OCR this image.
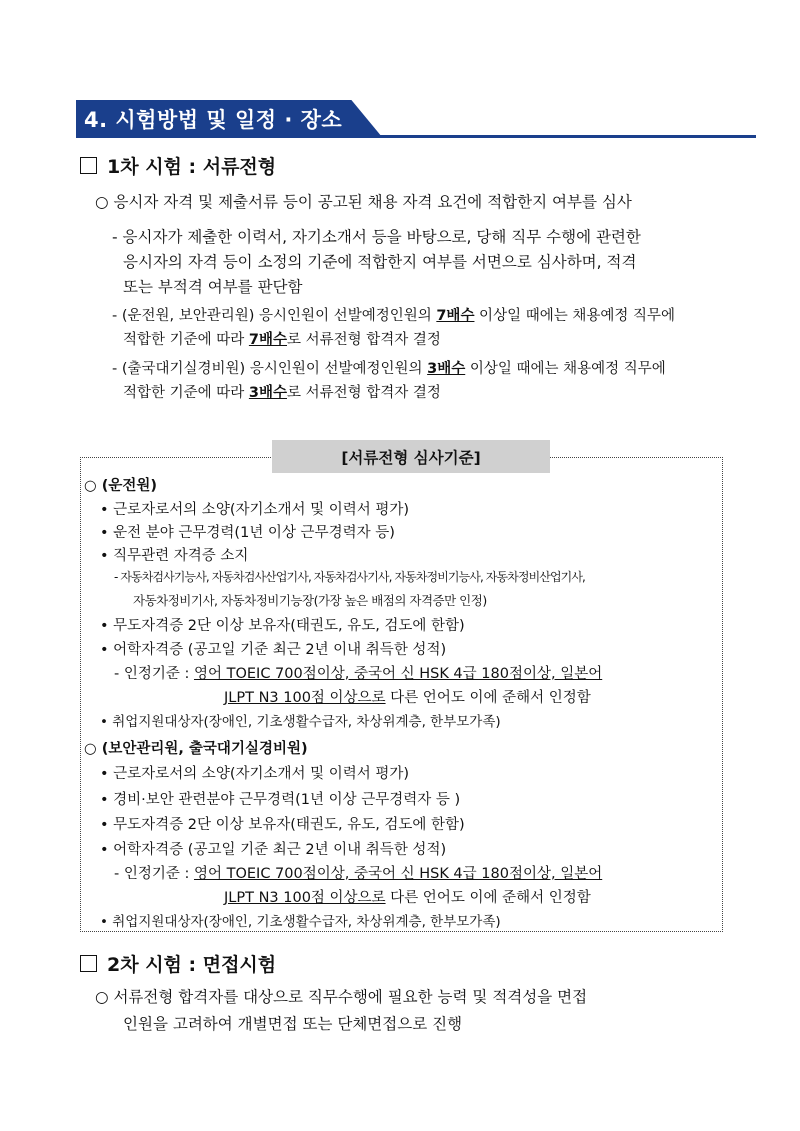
4. 시험방법 및 일정 · 장소
1차 시험 : 서류전형
○ 응시자 자격 및 제출서류 등이 공고된 채용 자격 요건에 적합한지 여부를 심사
- 응시자가 제출한 이력서, 자기소개서 등을 바탕으로, 당해 직무 수행에 관련한
응시자의 자격 등이 소정의 기준에 적합한지 여부를 서면으로 심사하며, 적격
또는 부적격 여부를 판단함
- (운전원, 보안관리원) 응시인원이 선발예정인원의 7배수 이상일 때에는 채용예정 직무에
적합한 기준에 따라 7배수로 서류전형 합격자 결정
- (출국대기실경비원) 응시인원이 선발예정인원의 3배수 이상일 때에는 채용예정 직무에
적합한 기준에 따라 3배수로 서류전형 합격자 결정
[서류전형 심사기준]
○ (운전원)
• 근로자로서의 소양(자기소개서 및 이력서 평가)
• 운전 분야 근무경력(1년 이상 근무경력자 등)
• 직무관련 자격증 소지
- 자동차검사기능사, 자동차검사산업기사, 자동차검사기사, 자동차정비기능사, 자동차정비산업기사,
자동차정비기사, 자동차정비기능장(가장 높은 배점의 자격증만 인정)
• 무도자격증 2단 이상 보유자(태권도, 유도, 검도에 한함)
• 어학자격증 (공고일 기준 최근 2년 이내 취득한 성적)
- 인정기준 : 영어 TOEIC 700점이상, 중국어 신 HSK 4급 180점이상, 일본어
JLPT N3 100점 이상으로 다른 언어도 이에 준해서 인정함
• 취업지원대상자(장애인, 기초생활수급자, 차상위계층, 한부모가족)
○ (보안관리원, 출국대기실경비원)
• 근로자로서의 소양(자기소개서 및 이력서 평가)
• 경비·보안 관련분야 근무경력(1년 이상 근무경력자 등 )
• 무도자격증 2단 이상 보유자(태권도, 유도, 검도에 한함)
• 어학자격증 (공고일 기준 최근 2년 이내 취득한 성적)
- 인정기준 : 영어 TOEIC 700점이상, 중국어 신 HSK 4급 180점이상, 일본어
JLPT N3 100점 이상으로 다른 언어도 이에 준해서 인정함
• 취업지원대상자(장애인, 기초생활수급자, 차상위계층, 한부모가족)
2차 시험 : 면접시험
○ 서류전형 합격자를 대상으로 직무수행에 필요한 능력 및 적격성을 면접
인원을 고려하여 개별면접 또는 단체면접으로 진행
